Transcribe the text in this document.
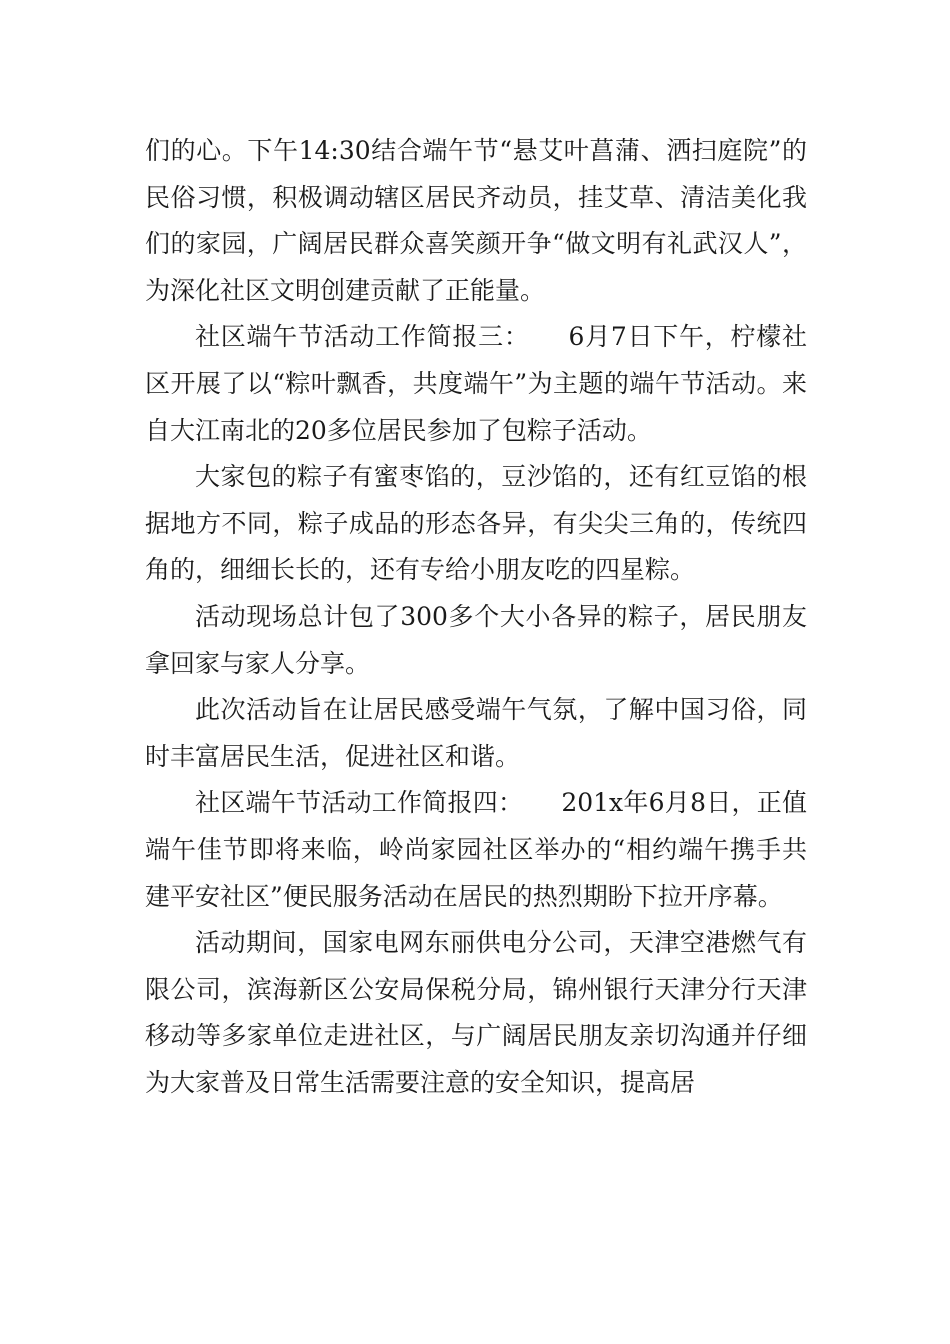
们的心。下午14:30结合端午节“悬艾叶菖蒲、洒扫庭院”的民俗习惯，积极调动辖区居民齐动员，挂艾草、清洁美化我们的家园，广阔居民群众喜笑颜开争“做文明有礼武汉人”，为深化社区文明创建贡献了正能量。

社区端午节活动工作简报三：　　6月7日下午，柠檬社区开展了以“粽叶飘香，共度端午”为主题的端午节活动。来自大江南北的20多位居民参加了包粽子活动。

大家包的粽子有蜜枣馅的，豆沙馅的，还有红豆馅的根据地方不同，粽子成品的形态各异，有尖尖三角的，传统四角的，细细长长的，还有专给小朋友吃的四星粽。

活动现场总计包了300多个大小各异的粽子，居民朋友拿回家与家人分享。

此次活动旨在让居民感受端午气氛，了解中国习俗，同时丰富居民生活，促进社区和谐。

社区端午节活动工作简报四：　　201x年6月8日，正值端午佳节即将来临，岭尚家园社区举办的“相约端午携手共建平安社区”便民服务活动在居民的热烈期盼下拉开序幕。

活动期间，国家电网东丽供电分公司，天津空港燃气有限公司，滨海新区公安局保税分局，锦州银行天津分行天津移动等多家单位走进社区，与广阔居民朋友亲切沟通并仔细为大家普及日常生活需要注意的安全知识，提高居
